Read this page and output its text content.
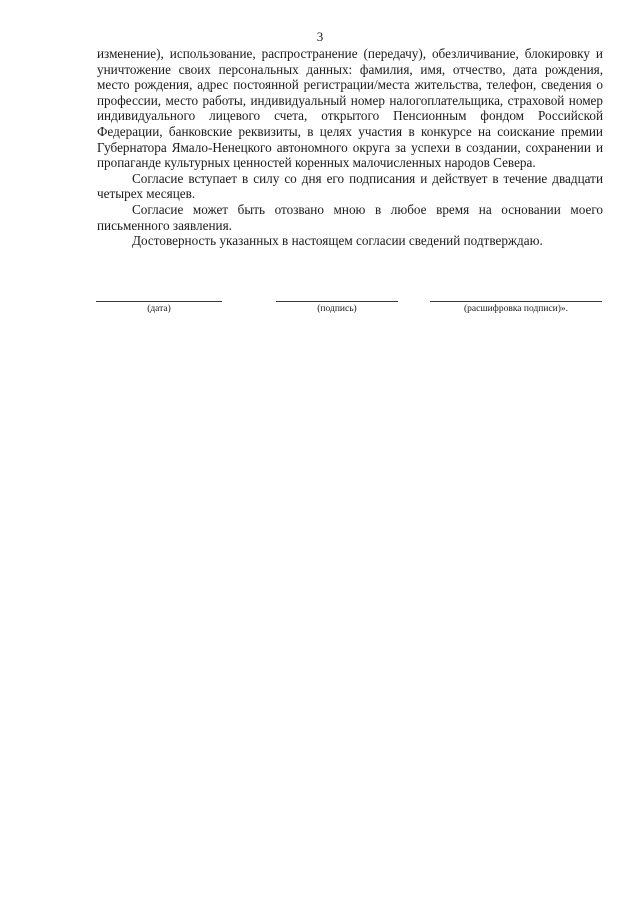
3

изменение), использование, распространение (передачу), обезличивание, блокировку и уничтожение своих персональных данных: фамилия, имя, отчество, дата рождения, место рождения, адрес постоянной регистрации/места жительства, телефон, сведения о профессии, место работы, индивидуальный номер налогоплательщика, страховой номер индивидуального лицевого счета, открытого Пенсионным фондом Российской Федерации, банковские реквизиты, в целях участия в конкурсе на соискание премии Губернатора Ямало-Ненецкого автономного округа за успехи в создании, сохранении и пропаганде культурных ценностей коренных малочисленных народов Севера.

Согласие вступает в силу со дня его подписания и действует в течение двадцати четырех месяцев.

Согласие может быть отозвано мною в любое время на основании моего письменного заявления.

Достоверность указанных в настоящем согласии сведений подтверждаю.

(дата)	(подпись)	(расшифровка подписи)».
